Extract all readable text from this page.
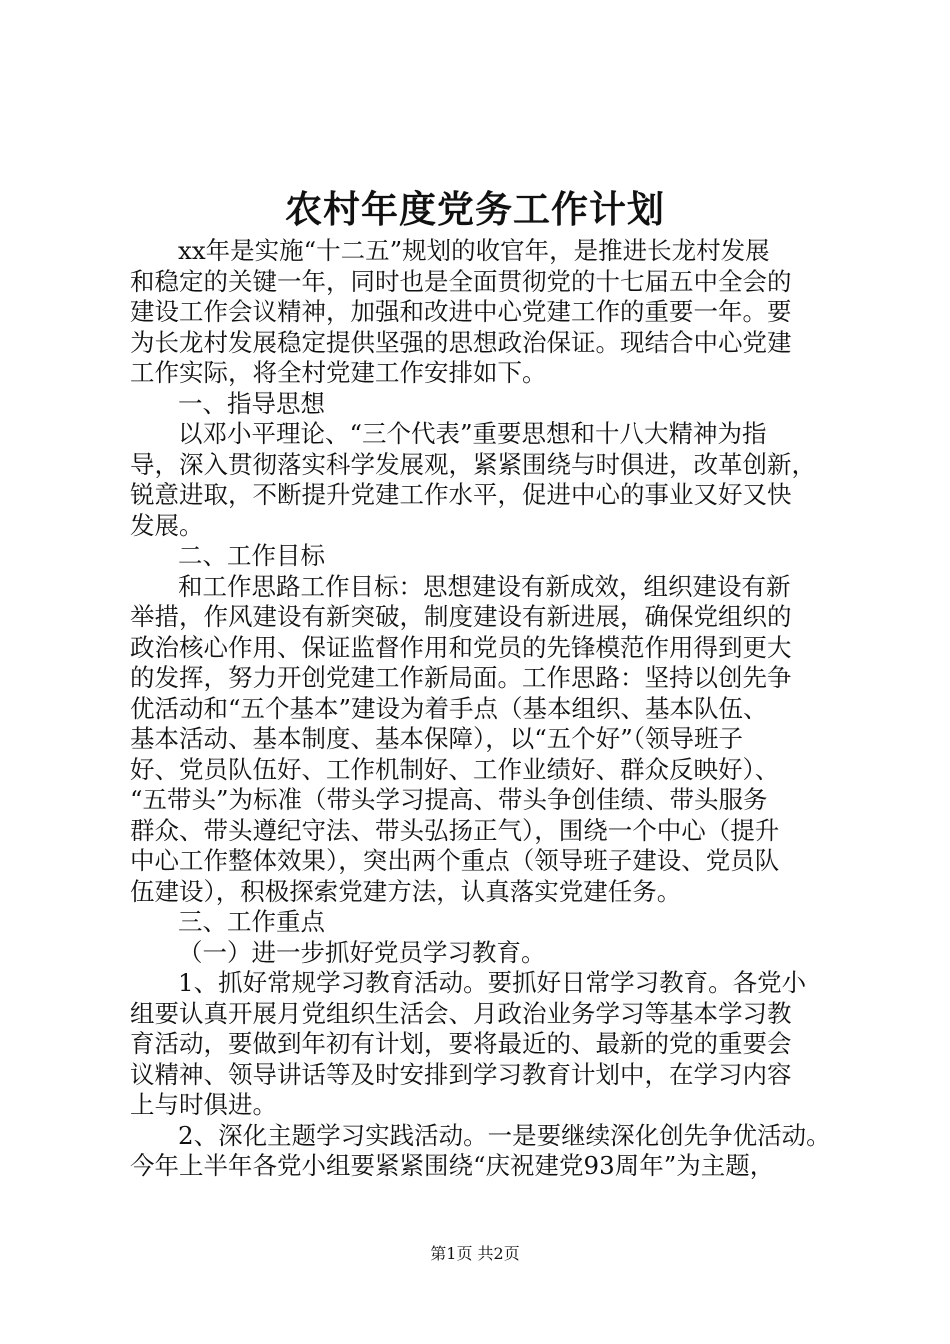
农村年度党务工作计划
xx年是实施“十二五”规划的收官年，是推进长龙村发展
和稳定的关键一年，同时也是全面贯彻党的十七届五中全会的
建设工作会议精神，加强和改进中心党建工作的重要一年。要
为长龙村发展稳定提供坚强的思想政治保证。现结合中心党建
工作实际，将全村党建工作安排如下。
一、指导思想
以邓小平理论、“三个代表”重要思想和十八大精神为指
导，深入贯彻落实科学发展观，紧紧围绕与时俱进，改革创新，
锐意进取，不断提升党建工作水平，促进中心的事业又好又快
发展。
二、工作目标
和工作思路工作目标：思想建设有新成效，组织建设有新
举措，作风建设有新突破，制度建设有新进展，确保党组织的
政治核心作用、保证监督作用和党员的先锋模范作用得到更大
的发挥，努力开创党建工作新局面。工作思路：坚持以创先争
优活动和“五个基本”建设为着手点（基本组织、基本队伍、
基本活动、基本制度、基本保障），以“五个好”（领导班子
好、党员队伍好、工作机制好、工作业绩好、群众反映好）、
“五带头”为标准（带头学习提高、带头争创佳绩、带头服务
群众、带头遵纪守法、带头弘扬正气），围绕一个中心（提升
中心工作整体效果），突出两个重点（领导班子建设、党员队
伍建设），积极探索党建方法，认真落实党建任务。
三、工作重点
（一）进一步抓好党员学习教育。
1、抓好常规学习教育活动。要抓好日常学习教育。各党小
组要认真开展月党组织生活会、月政治业务学习等基本学习教
育活动，要做到年初有计划，要将最近的、最新的党的重要会
议精神、领导讲话等及时安排到学习教育计划中，在学习内容
上与时俱进。
2、深化主题学习实践活动。一是要继续深化创先争优活动。
今年上半年各党小组要紧紧围绕“庆祝建党93周年”为主题，
第1页 共2页
